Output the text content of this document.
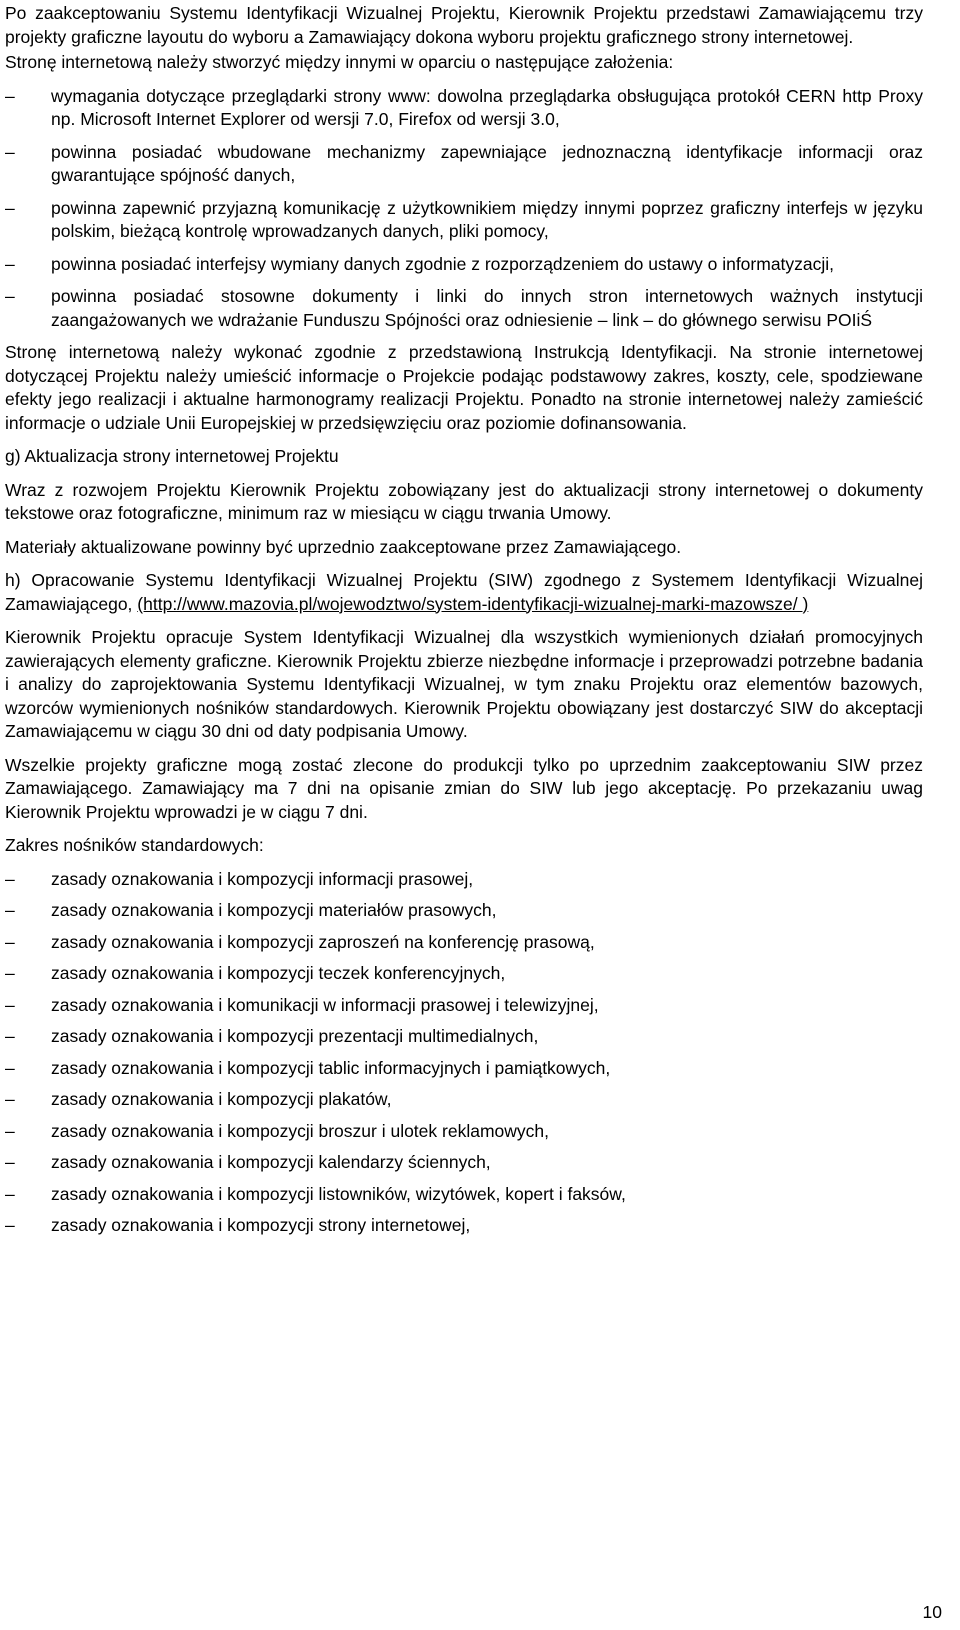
Po zaakceptowaniu Systemu Identyfikacji Wizualnej Projektu, Kierownik Projektu przedstawi Zamawiającemu trzy projekty graficzne layoutu do wyboru a Zamawiający dokona wyboru projektu graficznego strony internetowej.

Stronę internetową należy stworzyć między innymi w oparciu o następujące założenia:

– wymagania dotyczące przeglądarki strony www: dowolna przeglądarka obsługująca protokół CERN http Proxy np. Microsoft Internet Explorer od wersji 7.0, Firefox od wersji 3.0,
– powinna posiadać wbudowane mechanizmy zapewniające jednoznaczną identyfikacje informacji oraz gwarantujące spójność danych,
– powinna zapewnić przyjazną komunikację z użytkownikiem między innymi poprzez graficzny interfejs w języku polskim, bieżącą kontrolę wprowadzanych danych, pliki pomocy,
– powinna posiadać interfejsy wymiany danych zgodnie z rozporządzeniem do ustawy o informatyzacji,
– powinna posiadać stosowne dokumenty i linki do innych stron internetowych ważnych instytucji zaangażowanych we wdrażanie Funduszu Spójności oraz odniesienie – link – do głównego serwisu POIiŚ

Stronę internetową należy wykonać zgodnie z przedstawioną Instrukcją Identyfikacji. Na stronie internetowej dotyczącej Projektu należy umieścić informacje o Projekcie podając podstawowy zakres, koszty, cele, spodziewane efekty jego realizacji i aktualne harmonogramy realizacji Projektu. Ponadto na stronie internetowej należy zamieścić informacje o udziale Unii Europejskiej w przedsięwzięciu oraz poziomie dofinansowania.

g) Aktualizacja strony internetowej Projektu

Wraz z rozwojem Projektu Kierownik Projektu zobowiązany jest do aktualizacji strony internetowej o dokumenty tekstowe oraz fotograficzne, minimum raz w miesiącu w ciągu trwania Umowy.

Materiały aktualizowane powinny być uprzednio zaakceptowane przez Zamawiającego.

h) Opracowanie Systemu Identyfikacji Wizualnej Projektu (SIW) zgodnego z Systemem Identyfikacji Wizualnej Zamawiającego, (http://www.mazovia.pl/wojewodztwo/system-identyfikacji-wizualnej-marki-mazowsze/ )

Kierownik Projektu opracuje System Identyfikacji Wizualnej dla wszystkich wymienionych działań promocyjnych zawierających elementy graficzne. Kierownik Projektu zbierze niezbędne informacje i przeprowadzi potrzebne badania i analizy do zaprojektowania Systemu Identyfikacji Wizualnej, w tym znaku Projektu oraz elementów bazowych, wzorców wymienionych nośników standardowych. Kierownik Projektu obowiązany jest dostarczyć SIW do akceptacji Zamawiającemu w ciągu 30 dni od daty podpisania Umowy.

Wszelkie projekty graficzne mogą zostać zlecone do produkcji tylko po uprzednim zaakceptowaniu SIW przez Zamawiającego. Zamawiający ma 7 dni na opisanie zmian do SIW lub jego akceptację. Po przekazaniu uwag Kierownik Projektu wprowadzi je w ciągu 7 dni.

Zakres nośników standardowych:

– zasady oznakowania i kompozycji informacji prasowej,
– zasady oznakowania i kompozycji materiałów prasowych,
– zasady oznakowania i kompozycji zaproszeń na konferencję prasową,
– zasady oznakowania i kompozycji teczek konferencyjnych,
– zasady oznakowania i komunikacji w informacji prasowej i telewizyjnej,
– zasady oznakowania i kompozycji prezentacji multimedialnych,
– zasady oznakowania i kompozycji tablic informacyjnych i pamiątkowych,
– zasady oznakowania i kompozycji plakatów,
– zasady oznakowania i kompozycji broszur i ulotek reklamowych,
– zasady oznakowania i kompozycji kalendarzy ściennych,
– zasady oznakowania i kompozycji listowników, wizytówek, kopert i faksów,
– zasady oznakowania i kompozycji strony internetowej,
10
